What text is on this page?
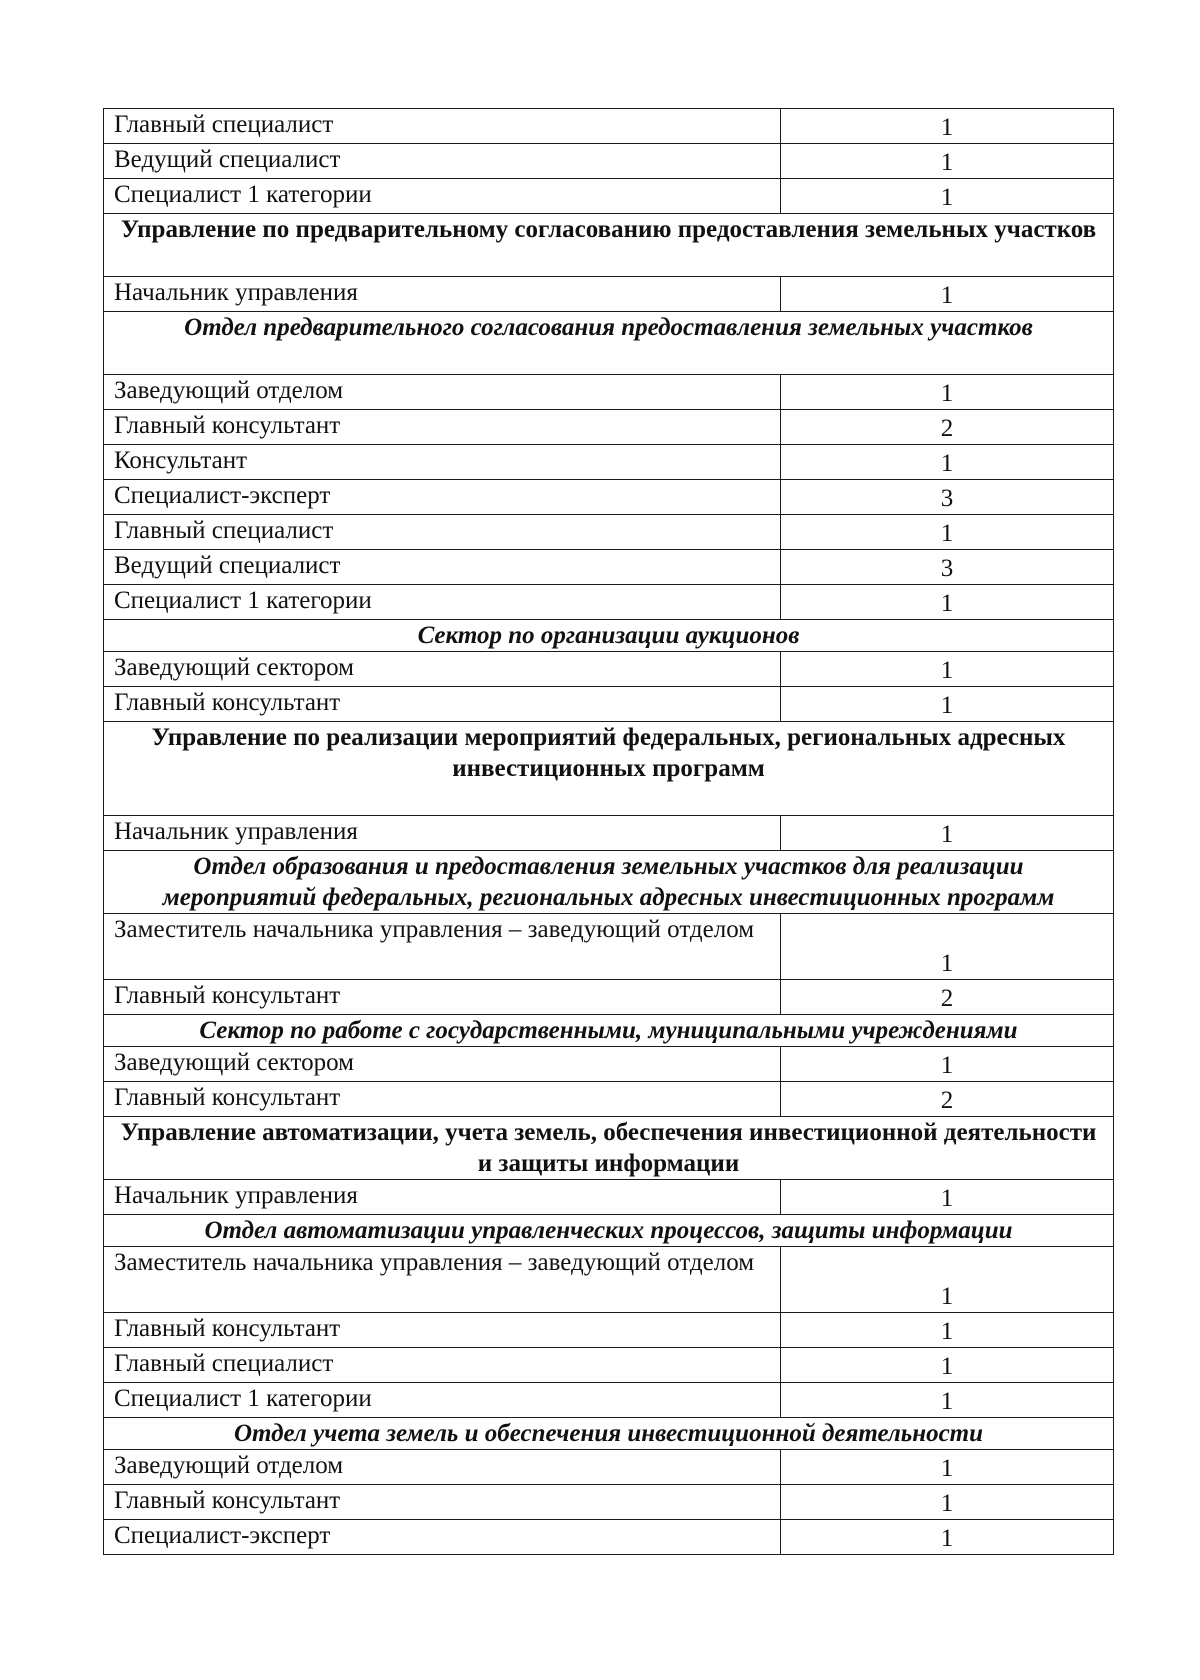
Главный специалист	1
Ведущий специалист	1
Специалист 1 категории	1
Управление по предварительному согласованию предоставления земельных участков	
Начальник управления	1
Отдел предварительного согласования предоставления земельных участков	
Заведующий отделом	1
Главный консультант	2
Консультант	1
Специалист-эксперт	3
Главный специалист	1
Ведущий специалист	3
Специалист 1 категории	1
Сектор по организации аукционов	
Заведующий сектором	1
Главный консультант	1
Управление по реализации мероприятий федеральных, региональных адресных инвестиционных программ	
Начальник управления	1
Отдел образования и предоставления земельных участков для реализации мероприятий федеральных, региональных адресных инвестиционных программ	
Заместитель начальника управления – заведующий отделом	1
Главный консультант	2
Сектор по работе с государственными, муниципальными учреждениями	
Заведующий сектором	1
Главный консультант	2
Управление автоматизации, учета земель, обеспечения инвестиционной деятельности и защиты информации	
Начальник управления	1
Отдел автоматизации управленческих процессов, защиты информации	
Заместитель начальника управления – заведующий отделом	1
Главный консультант	1
Главный специалист	1
Специалист 1 категории	1
Отдел учета земель и обеспечения инвестиционной деятельности	
Заведующий отделом	1
Главный консультант	1
Специалист-эксперт	1
